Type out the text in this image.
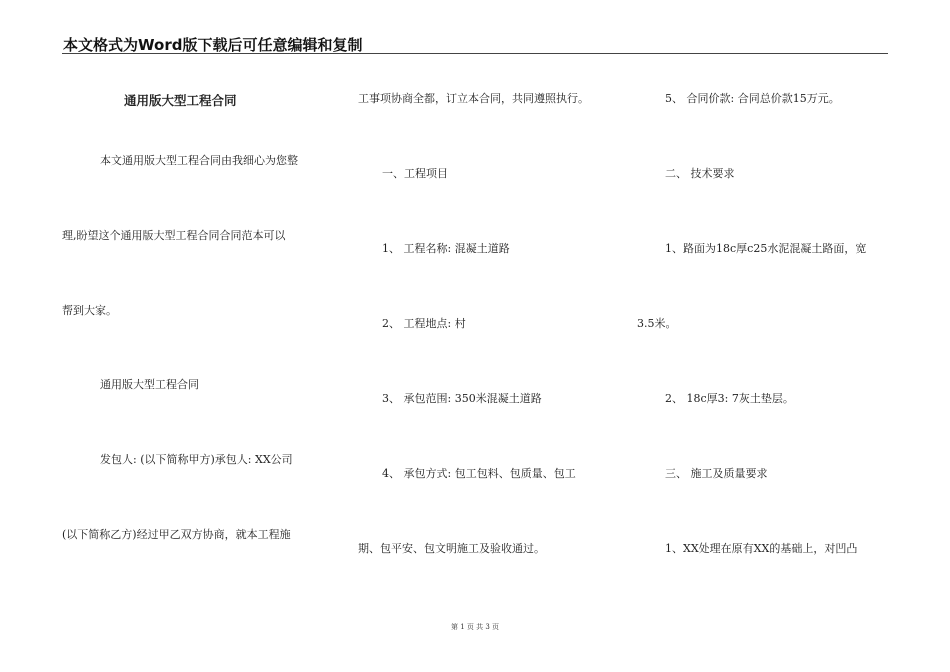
本文格式为Word版下载后可任意编辑和复制
通用版大型工程合同
本文通用版大型工程合同由我细心为您整
理,盼望这个通用版大型工程合同合同范本可以
帮到大家。
通用版大型工程合同
发包人: (以下简称甲方)承包人: XX公司
(以下简称乙方)经过甲乙双方协商，就本工程施
工事项协商全都，订立本合同，共同遵照执行。
一、工程项目
1、 工程名称: 混凝土道路
2、 工程地点: 村
3、 承包范围: 350米混凝土道路
4、 承包方式: 包工包料、包质量、包工
期、包平安、包文明施工及验收通过。
5、 合同价款: 合同总价款15万元。
二、 技术要求
1、路面为18c厚c25水泥混凝土路面，宽
3.5米。
2、 18c厚3: 7灰土垫层。
三、 施工及质量要求
1、XX处理在原有XX的基础上，对凹凸
第 1 页 共 3 页
